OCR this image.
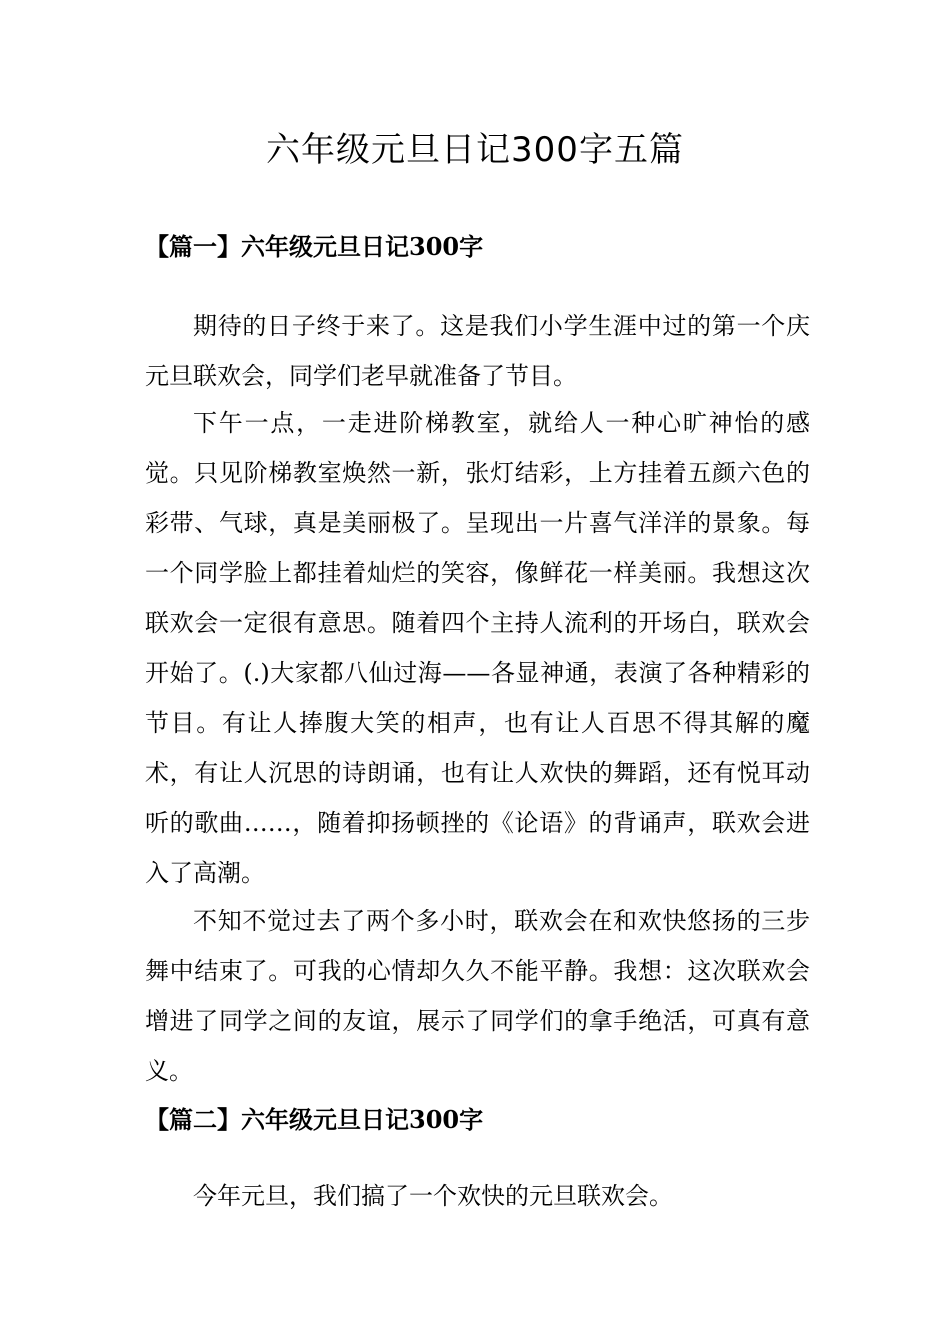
六年级元旦日记300字五篇
【篇一】六年级元旦日记300字

期待的日子终于来了。这是我们小学生涯中过的第一个庆元旦联欢会，同学们老早就准备了节目。

下午一点，一走进阶梯教室，就给人一种心旷神怡的感觉。只见阶梯教室焕然一新，张灯结彩，上方挂着五颜六色的彩带、气球，真是美丽极了。呈现出一片喜气洋洋的景象。每一个同学脸上都挂着灿烂的笑容，像鲜花一样美丽。我想这次联欢会一定很有意思。随着四个主持人流利的开场白，联欢会开始了。(.)大家都八仙过海——各显神通，表演了各种精彩的节目。有让人捧腹大笑的相声，也有让人百思不得其解的魔术，有让人沉思的诗朗诵，也有让人欢快的舞蹈，还有悦耳动听的歌曲……，随着抑扬顿挫的《论语》的背诵声，联欢会进入了高潮。

不知不觉过去了两个多小时，联欢会在和欢快悠扬的三步舞中结束了。可我的心情却久久不能平静。我想：这次联欢会增进了同学之间的友谊，展示了同学们的拿手绝活，可真有意义。

【篇二】六年级元旦日记300字

今年元旦，我们搞了一个欢快的元旦联欢会。
